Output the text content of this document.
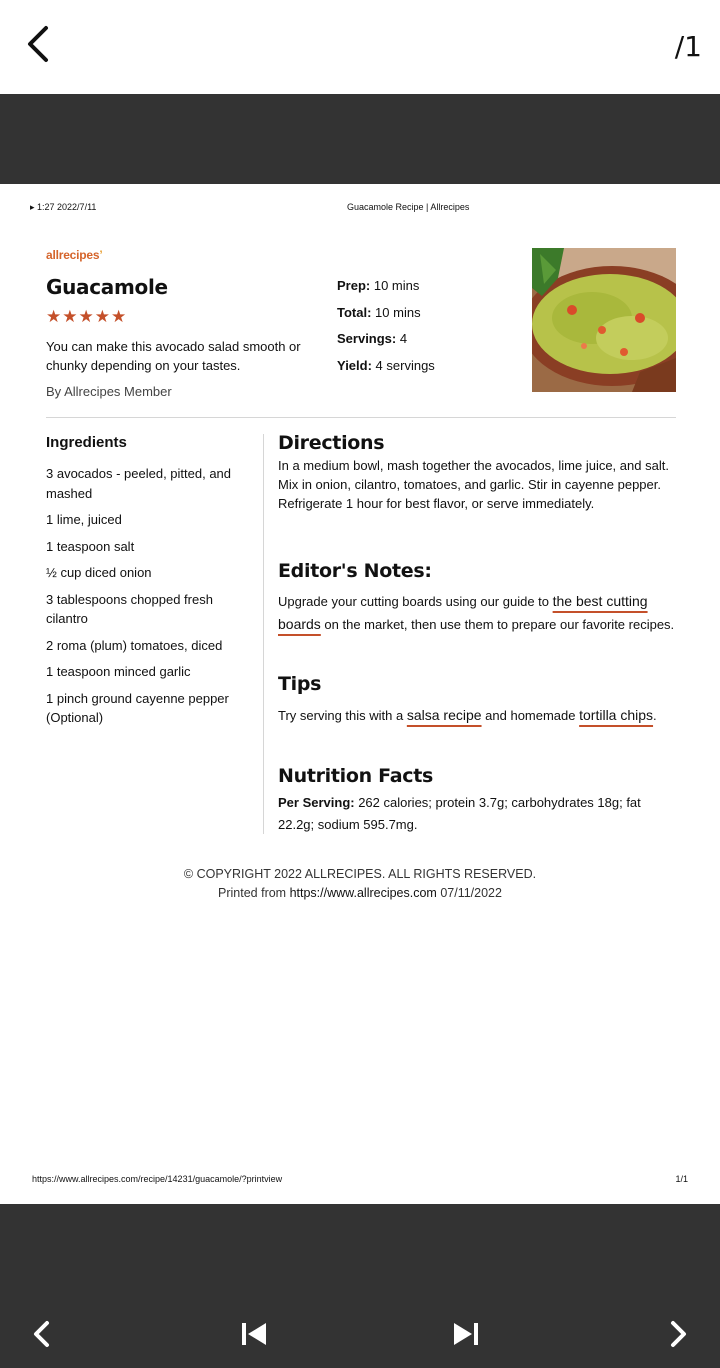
/1
▸ 1:27 2022/7/11	Guacamole Recipe | Allrecipes
allrecipes’
Guacamole
★★★★★
You can make this avocado salad smooth or chunky depending on your tastes.
By Allrecipes Member
Prep: 10 mins
Total: 10 mins
Servings: 4
Yield: 4 servings
Ingredients
3 avocados - peeled, pitted, and mashed
1 lime, juiced
1 teaspoon salt
½ cup diced onion
3 tablespoons chopped fresh cilantro
2 roma (plum) tomatoes, diced
1 teaspoon minced garlic
1 pinch ground cayenne pepper (Optional)
Directions
In a medium bowl, mash together the avocados, lime juice, and salt. Mix in onion, cilantro, tomatoes, and garlic. Stir in cayenne pepper. Refrigerate 1 hour for best flavor, or serve immediately.
Editor's Notes:
Upgrade your cutting boards using our guide to the best cutting boards on the market, then use them to prepare our favorite recipes.
Tips
Try serving this with a salsa recipe and homemade tortilla chips.
Nutrition Facts
Per Serving: 262 calories; protein 3.7g; carbohydrates 18g; fat 22.2g; sodium 595.7mg.
© COPYRIGHT 2022 ALLRECIPES. ALL RIGHTS RESERVED.
Printed from https://www.allrecipes.com 07/11/2022
https://www.allrecipes.com/recipe/14231/guacamole/?printview	1/1
